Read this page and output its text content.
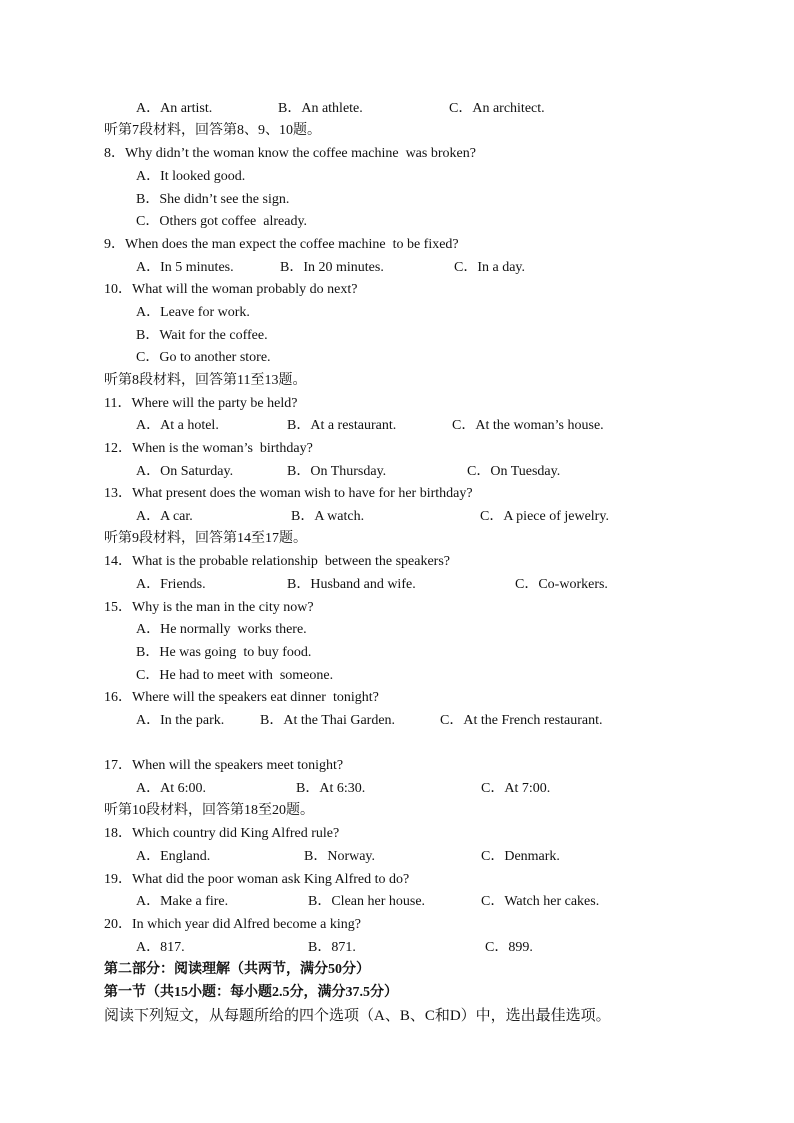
A．An artist.	B．An athlete.	C．An architect.
听第7段材料，回答第8、9、10题。
8．Why didn’t the woman know the coffee machine  was broken?
A．It looked good.
B．She didn’t see the sign.
C．Others got coffee  already.
9．When does the man expect the coffee machine  to be fixed?
A．In 5 minutes.	B．In 20 minutes.	C．In a day.
10．What will the woman probably do next?
A．Leave for work.
B．Wait for the coffee.
C．Go to another store.
听第8段材料，回答第11至13题。
11．Where will the party be held?
A．At a hotel.	B．At a restaurant.	C．At the woman’s house.
12．When is the woman’s  birthday?
A．On Saturday.	B．On Thursday.	C．On Tuesday.
13．What present does the woman wish to have for her birthday?
A．A car.	B．A watch.	C．A piece of jewelry.
听第9段材料，回答第14至17题。
14．What is the probable relationship  between the speakers?
A．Friends.	B．Husband and wife.	C．Co-workers.
15．Why is the man in the city now?
A．He normally  works there.
B．He was going  to buy food.
C．He had to meet with  someone.
16．Where will the speakers eat dinner  tonight?
A．In the park.	B．At the Thai Garden.	C．At the French restaurant.
17．When will the speakers meet tonight?
A．At 6:00.	B．At 6:30.	C．At 7:00.
听第10段材料，回答第18至20题。
18．Which country did King Alfred rule?
A．England.	B．Norway.	C．Denmark.
19．What did the poor woman ask King Alfred to do?
A．Make a fire.	B．Clean her house.	C．Watch her cakes.
20．In which year did Alfred become a king?
A．817.	B．871.	C．899.
第二部分：阅读理解（共两节，满分50分）
第一节（共15小题：每小题2.5分，满分37.5分）
阅读下列短文，从每题所给的四个选项（A、B、C和D）中，选出最佳选项。
